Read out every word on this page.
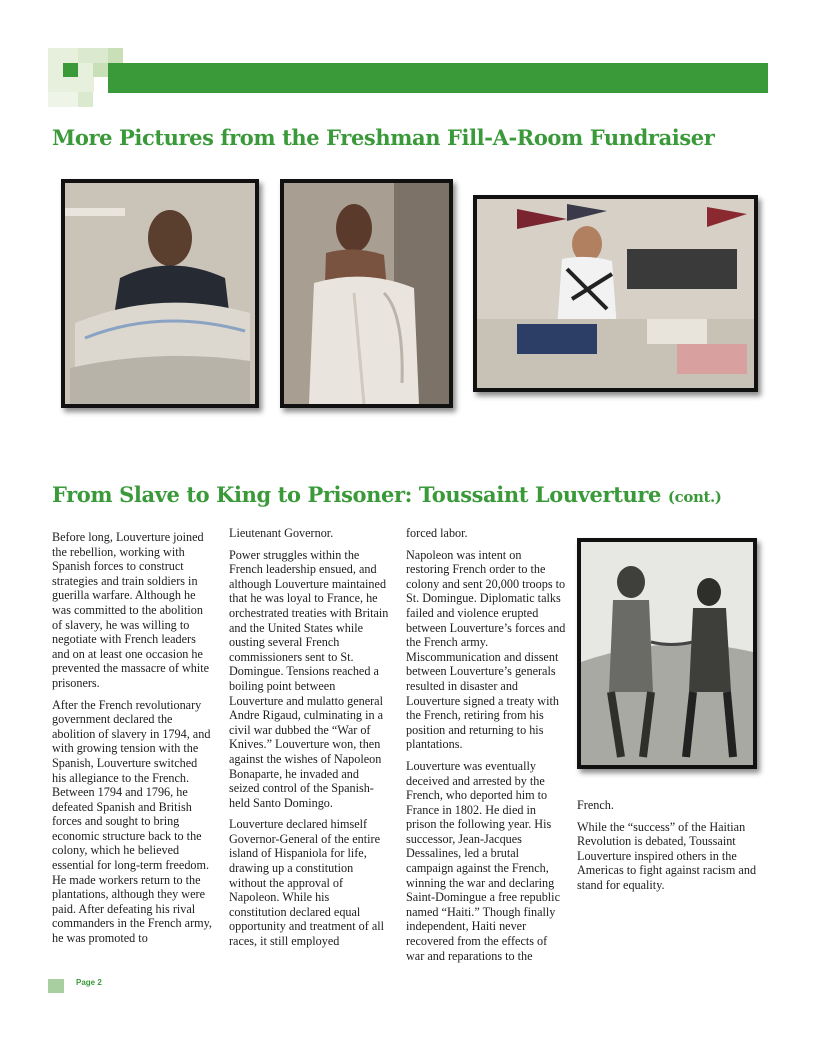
More Pictures from the Freshman Fill-A-Room Fundraiser
From Slave to King to Prisoner: Toussaint Louverture (cont.)

Before long, Louverture joined the rebellion, working with Spanish forces to construct strategies and train soldiers in guerilla warfare. Although he was committed to the abolition of slavery, he was willing to negotiate with French leaders and on at least one occasion he prevented the massacre of white prisoners.

After the French revolutionary government declared the abolition of slavery in 1794, and with growing tension with the Spanish, Louverture switched his allegiance to the French. Between 1794 and 1796, he defeated Spanish and British forces and sought to bring economic structure back to the colony, which he believed essential for long-term freedom. He made workers return to the plantations, although they were paid. After defeating his rival commanders in the French army, he was promoted to

Lieutenant Governor.

Power struggles within the French leadership ensued, and although Louverture maintained that he was loyal to France, he orchestrated treaties with Britain and the United States while ousting several French commissioners sent to St. Domingue. Tensions reached a boiling point between Louverture and mulatto general Andre Rigaud, culminating in a civil war dubbed the “War of Knives.” Louverture won, then against the wishes of Napoleon Bonaparte, he invaded and seized control of the Spanish-held Santo Domingo.

Louverture declared himself Governor-General of the entire island of Hispaniola for life, drawing up a constitution without the approval of Napoleon. While his constitution declared equal opportunity and treatment of all races, it still employed

forced labor.

Napoleon was intent on restoring French order to the colony and sent 20,000 troops to St. Domingue. Diplomatic talks failed and violence erupted between Louverture’s forces and the French army. Miscommunication and dissent between Louverture’s generals resulted in disaster and Louverture signed a treaty with the French, retiring from his position and returning to his plantations.

Louverture was eventually deceived and arrested by the French, who deported him to France in 1802. He died in prison the following year. His successor, Jean-Jacques Dessalines, led a brutal campaign against the French, winning the war and declaring Saint-Domingue a free republic named “Haiti.” Though finally independent, Haiti never recovered from the effects of war and reparations to the

French.

While the “success” of the Haitian Revolution is debated, Toussaint Louverture inspired others in the Americas to fight against racism and stand for equality.

Page 2
